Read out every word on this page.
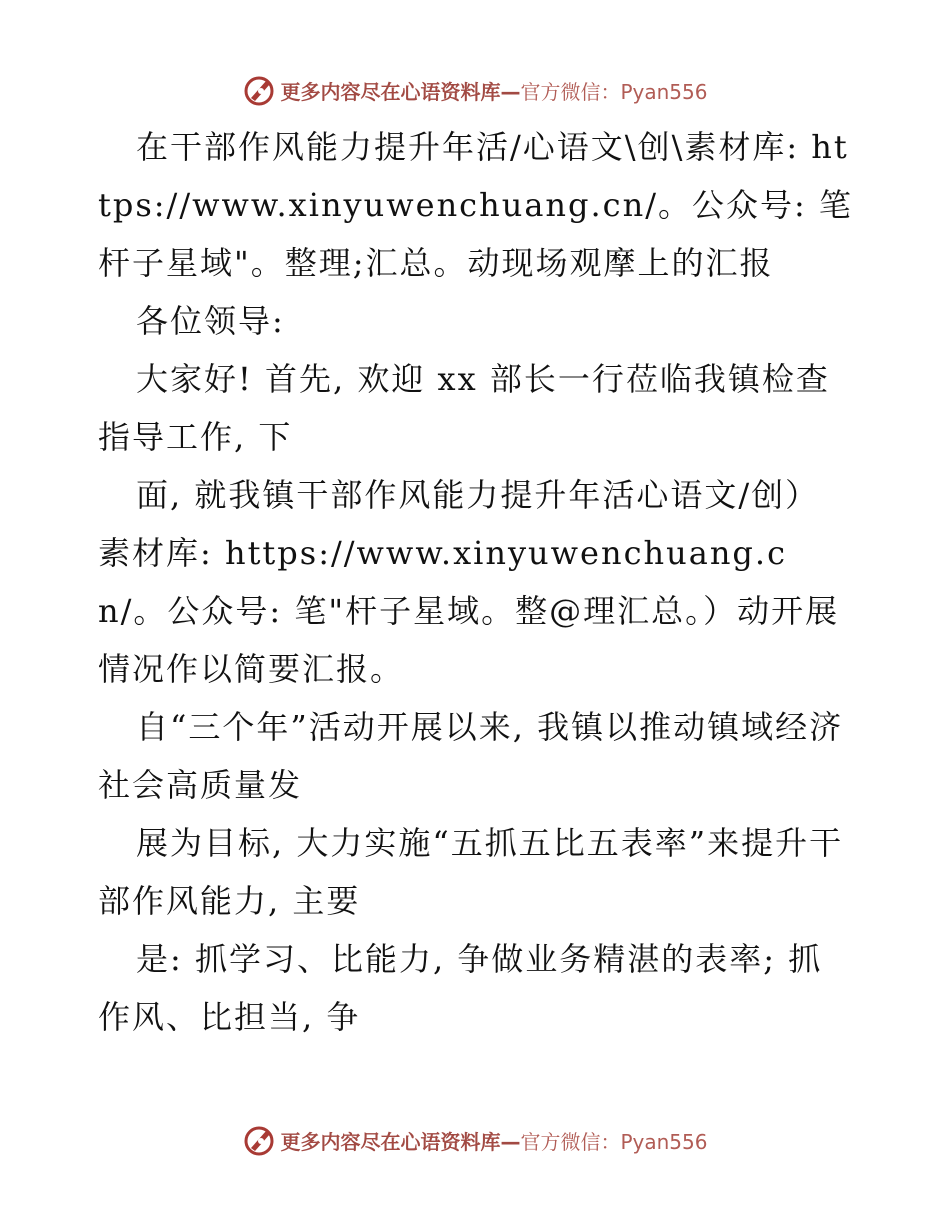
更多内容尽在心语资料库—官方微信：Pyan556

在干部作风能力提升年活/心语文\创\素材库: https://www.xinyuwenchuang.cn/。公众号: 笔杆子星域"。整理;汇总。动现场观摩上的汇报

各位领导:

大家好! 首先, 欢迎 xx 部长一行莅临我镇检查指导工作, 下

面, 就我镇干部作风能力提升年活心语文/创）素材库: https://www.xinyuwenchuang.cn/。公众号: 笔"杆子星域。整@理汇总。）动开展情况作以简要汇报。

自“三个年”活动开展以来, 我镇以推动镇域经济社会高质量发

展为目标, 大力实施“五抓五比五表率”来提升干部作风能力, 主要

是: 抓学习、比能力, 争做业务精湛的表率; 抓作风、比担当, 争

更多内容尽在心语资料库—官方微信：Pyan556
